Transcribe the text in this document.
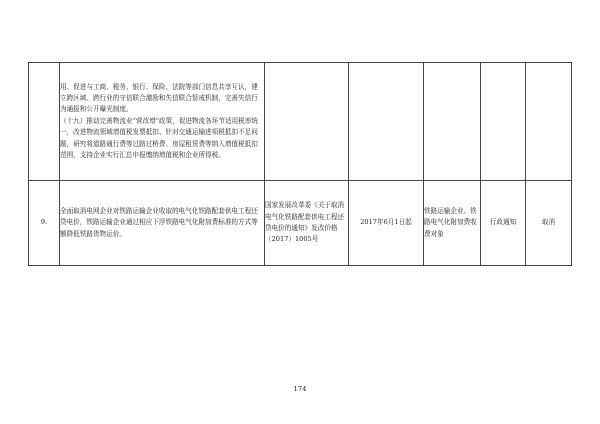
	用、促进与工商、税务、银行、保险、法院等部门信息共享互认，建立跨区域、跨行业的守信联合激励和失信联合惩戒机制，完善失信行为通报和公开曝光制度。
（十九）推动完善物流业“营改增”政策，促进物流各环节适用税率统一，改进物流领域增值税发票抵扣、针对交通运输进项税抵扣不足问题，研究将道路通行费等过路过桥费、房屋租赁费等纳入增值税抵扣范围，支持企业实行汇总申报缴纳增值税和企业所得税。					

9.	全面取消电网企业对铁路运输企业收取的电气化铁路配套供电工程还贷电价，铁路运输企业通过相应下浮铁路电气化附加费标准的方式等额降低铁路货物运价。	国家发展改革委《关于取消电气化铁路配套供电工程还贷电价的通知》发改价格（2017）1005号	2017年6月1日起	铁路运输企业、铁路电气化附加费收费对象	行政通知	取消
174
